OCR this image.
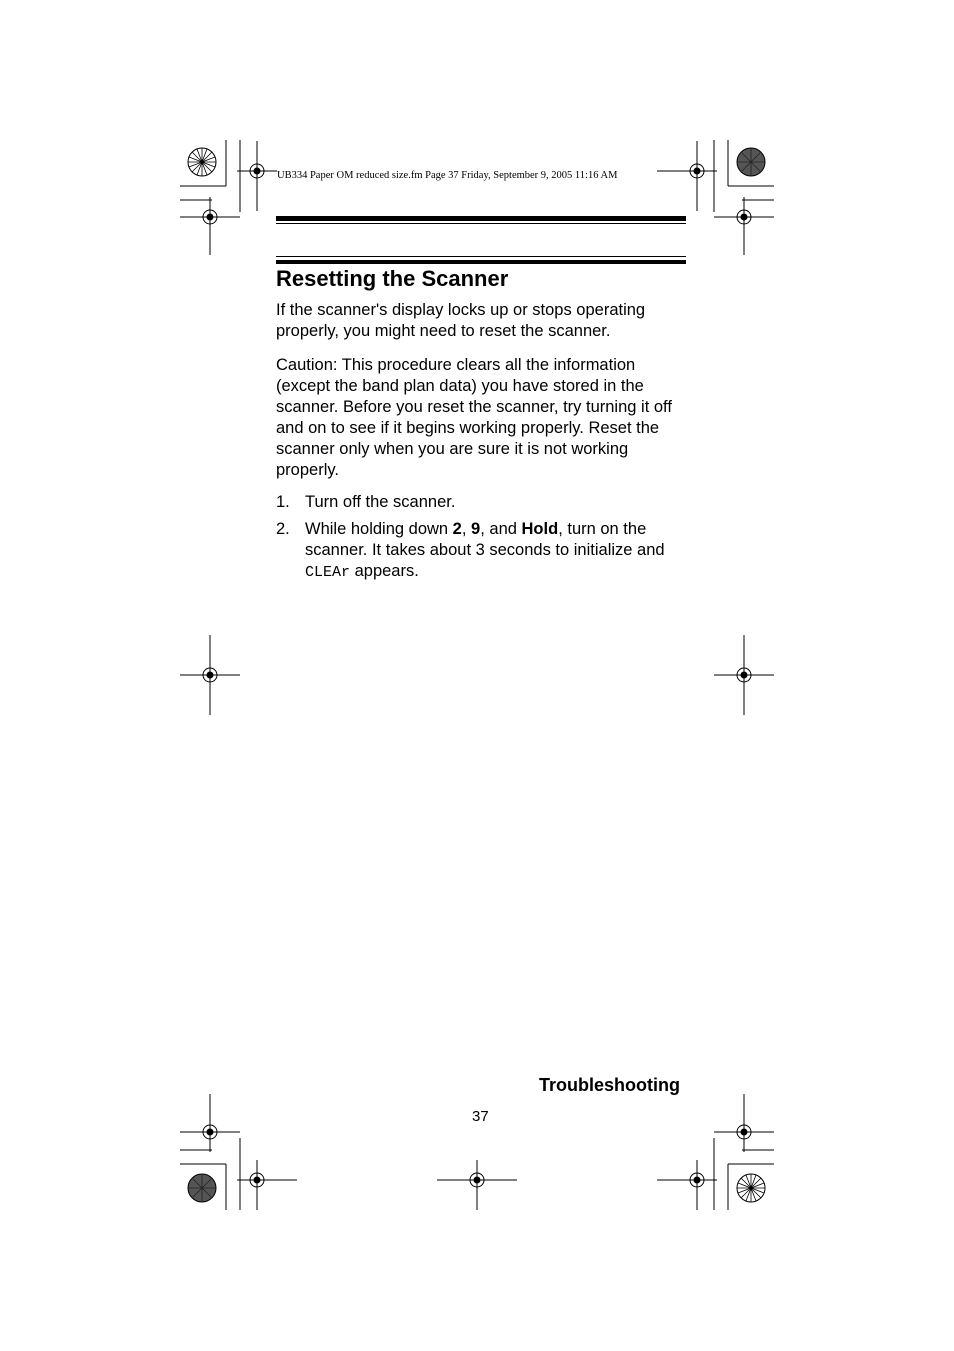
UB334 Paper OM reduced size.fm Page 37 Friday, September 9, 2005 11:16 AM
Resetting the Scanner
If the scanner's display locks up or stops operating properly, you might need to reset the scanner.
Caution: This procedure clears all the information (except the band plan data) you have stored in the scanner. Before you reset the scanner, try turning it off and on to see if it begins working properly. Reset the scanner only when you are sure it is not working properly.
1. Turn off the scanner.
2. While holding down 2, 9, and Hold, turn on the scanner. It takes about 3 seconds to initialize and CLEAr appears.
Troubleshooting
37
